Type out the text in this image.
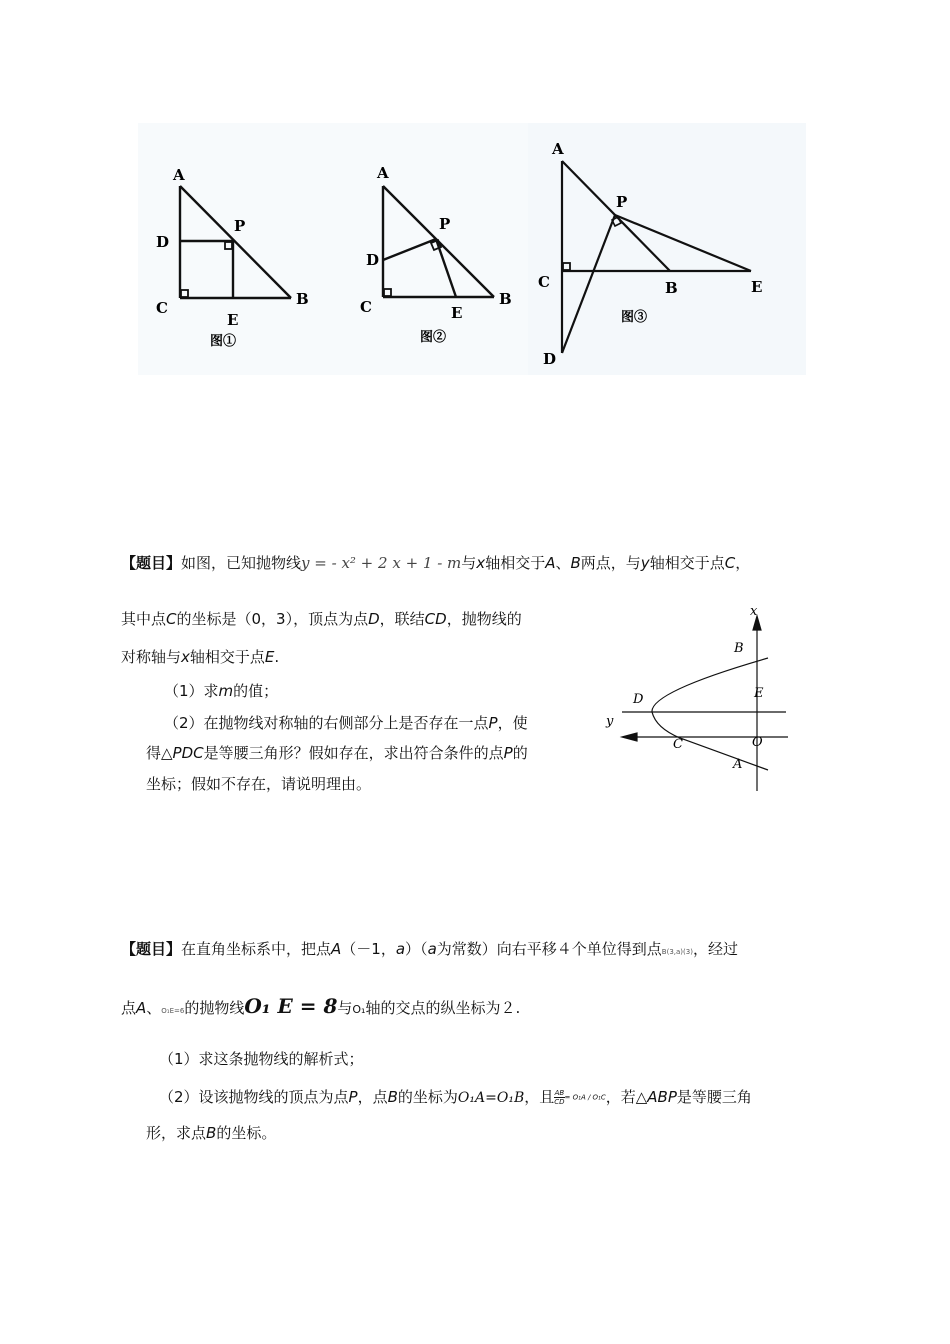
A
D
P
C
E
B
图①
A
D
P
C	E
B
图②
A
P
C	B	E
D
图③
【题目】如图，已知抛物线y = - x² + 2 x + 1 - m与x轴相交于A、B两点，与y轴相交于点C，
其中点C的坐标是（0，3），顶点为点D，联结CD，抛物线的
对称轴与x轴相交于点E.
（1）求m的值；
（2）在抛物线对称轴的右侧部分上是否存在一点P，使
得△PDC是等腰三角形？假如存在，求出符合条件的点P的
坐标；假如不存在，请说明理由。
x
y
B
D	E
C	O
A
【题目】在直角坐标系中，把点A（－1，a）（a为常数）向右平移４个单位得到点B(3,a)(3)，经过
点A、O₁E=6的抛物线O₁ E = 8与O₁轴的交点的纵坐标为２.
（1）求这条抛物线的解析式；
（2）设该抛物线的顶点为点P，点B的坐标为O₁A=O₁B，且 $\frac{AB}{CD} = O_1A / O_1C$，若△ABP是等腰三角
形，求点B的坐标。
